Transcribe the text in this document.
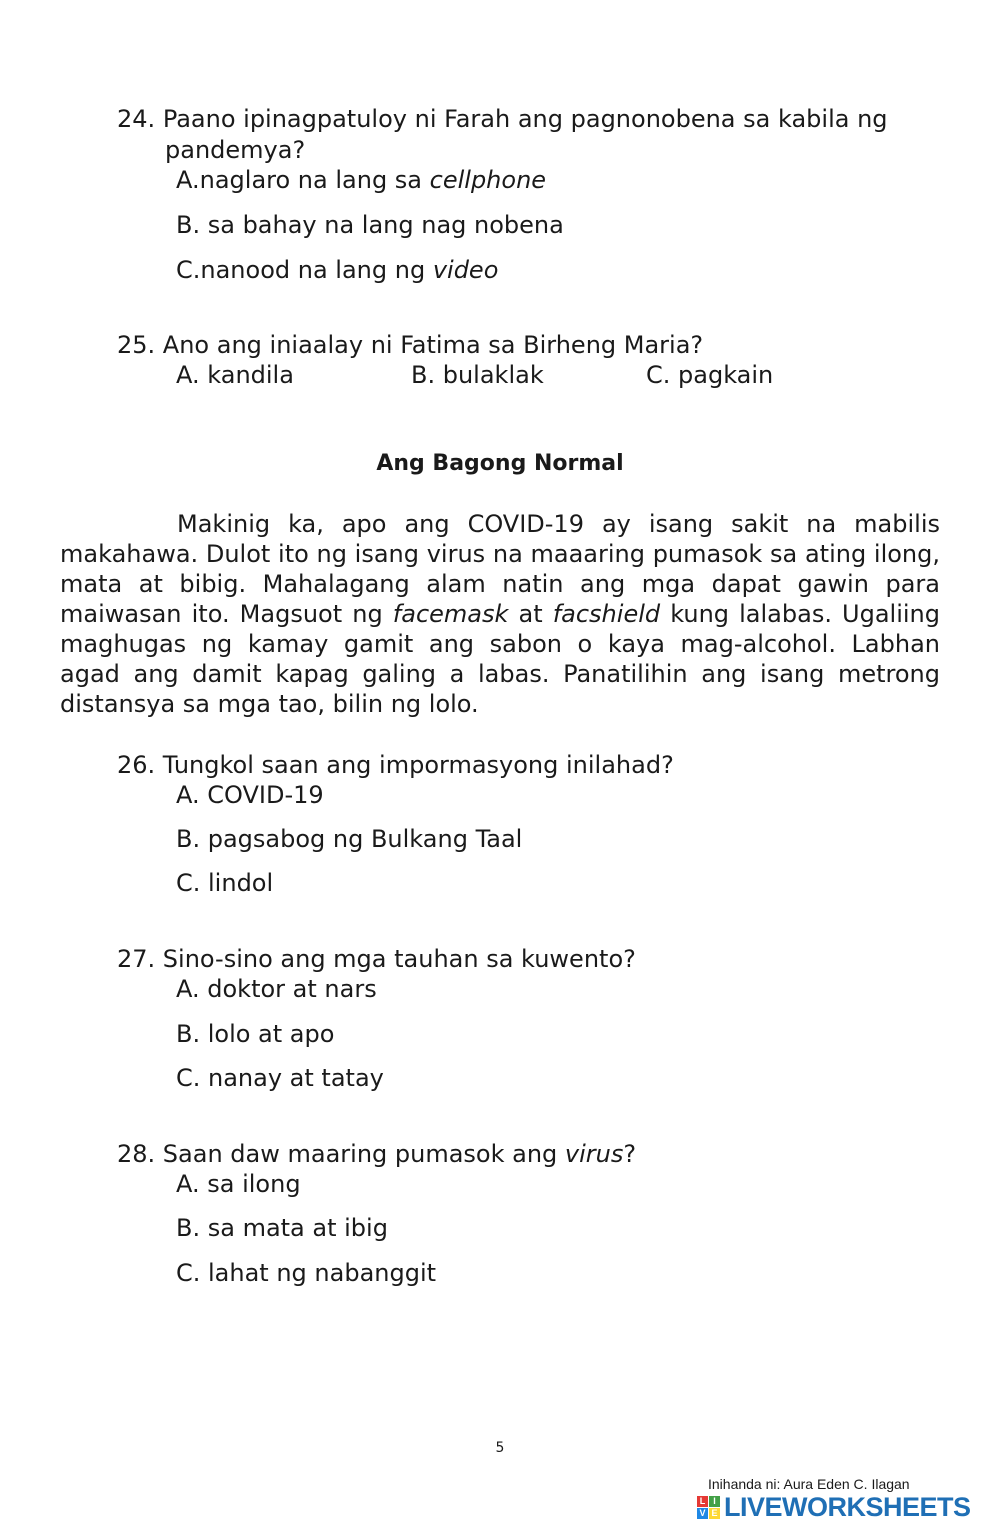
24. Paano ipinagpatuloy ni Farah ang pagnonobena sa kabila ng
pandemya?
A.naglaro na lang sa cellphone
B. sa bahay na lang nag nobena
C.nanood na lang ng video
25. Ano ang iniaalay ni Fatima sa Birheng Maria?
A. kandila	B. bulaklak	C. pagkain
Ang Bagong Normal
Makinig ka, apo ang COVID-19 ay isang sakit na mabilis
makahawa. Dulot ito ng isang virus na maaaring pumasok sa ating ilong,
mata at bibig. Mahalagang alam natin ang mga dapat gawin para
maiwasan ito. Magsuot ng facemask at facshield kung lalabas. Ugaliing
maghugas ng kamay gamit ang sabon o kaya mag-alcohol. Labhan
agad ang damit kapag galing a labas. Panatilihin ang isang metrong
distansya sa mga tao, bilin ng lolo.
26. Tungkol saan ang impormasyong inilahad?
A. COVID-19
B. pagsabog ng Bulkang Taal
C. lindol
27. Sino-sino ang mga tauhan sa kuwento?
A. doktor at nars
B. lolo at apo
C. nanay at tatay
28. Saan daw maaring pumasok ang virus?
A. sa ilong
B. sa mata at ibig
C. lahat ng nabanggit
5
Inihanda ni: Aura Eden C. Ilagan
L I
V E LIVEWORKSHEETS
